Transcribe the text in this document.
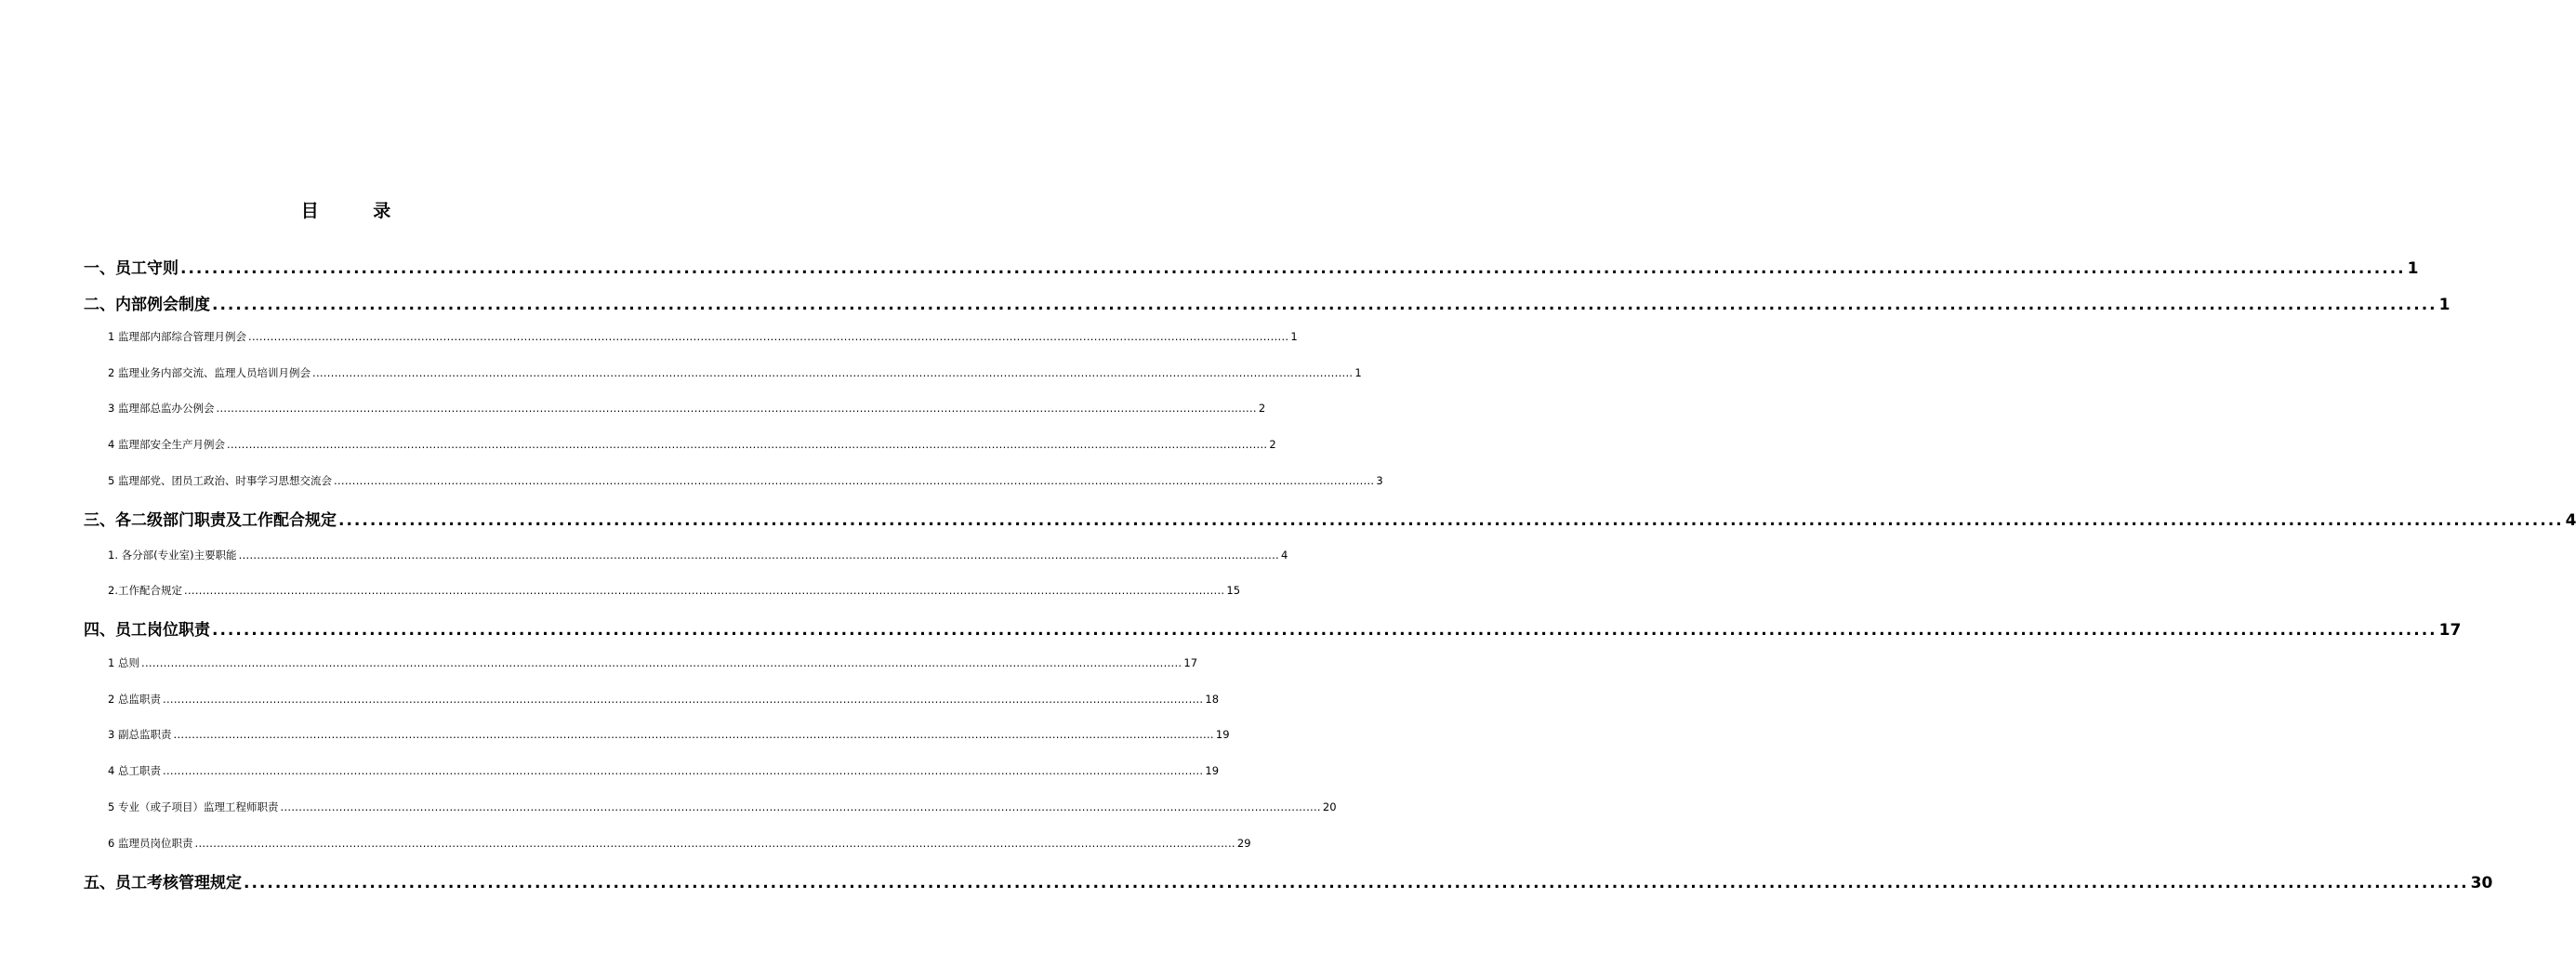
目 录
一、员工守则 ........................................................................................................................................................................................................................................................................................... 1
二、内部例会制度 ........................................................................................................................................................................................................................................................................................... 1
1 监理部内部综合管理月例会 ........................................................................................................................................................................................................................................................................................... 1
2 监理业务内部交流、监理人员培训月例会 ........................................................................................................................................................................................................................................................................................... 1
3 监理部总监办公例会 ........................................................................................................................................................................................................................................................................................... 2
4 监理部安全生产月例会 ........................................................................................................................................................................................................................................................................................... 2
5 监理部党、团员工政治、时事学习思想交流会 ........................................................................................................................................................................................................................................................................................... 3
三、各二级部门职责及工作配合规定 ........................................................................................................................................................................................................................................................................................... 4
1. 各分部(专业室)主要职能 ........................................................................................................................................................................................................................................................................................... 4
2.工作配合规定 ........................................................................................................................................................................................................................................................................................... 15
四、员工岗位职责 ........................................................................................................................................................................................................................................................................................... 17
1 总则 ........................................................................................................................................................................................................................................................................................... 17
2 总监职责 ........................................................................................................................................................................................................................................................................................... 18
3 副总监职责 ........................................................................................................................................................................................................................................................................................... 19
4 总工职责 ........................................................................................................................................................................................................................................................................................... 19
5 专业（或子项目）监理工程师职责 ........................................................................................................................................................................................................................................................................................... 20
6 监理员岗位职责 ........................................................................................................................................................................................................................................................................................... 29
五、员工考核管理规定 ........................................................................................................................................................................................................................................................................................... 30
